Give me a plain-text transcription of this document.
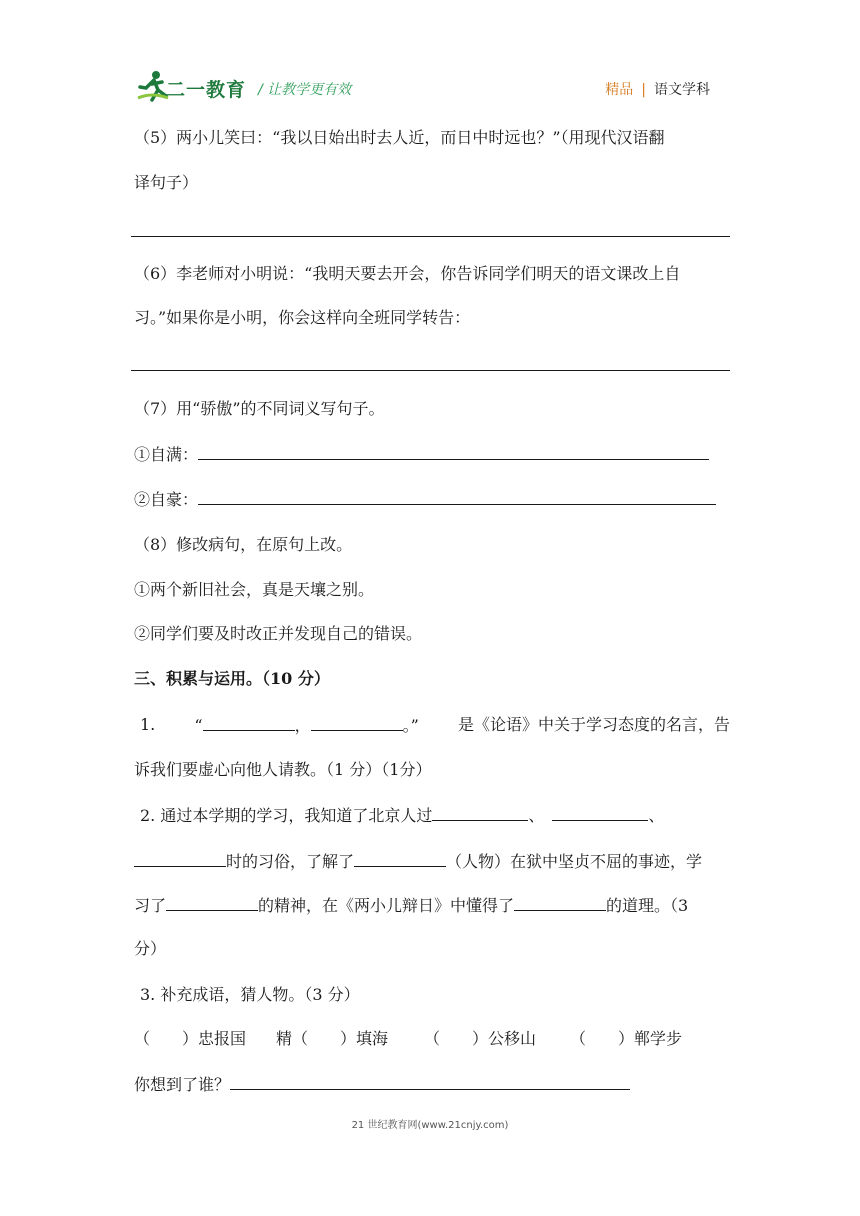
二一教育 / 让教学更有效	精品 | 语文学科
（5）两小儿笑曰：“我以日始出时去人近，而日中时远也？”（用现代汉语翻
译句子）
（6）李老师对小明说：“我明天要去开会，你告诉同学们明天的语文课改上自
习。”如果你是小明，你会这样向全班同学转告：
（7）用“骄傲”的不同词义写句子。
①自满：
②自豪：
（8）修改病句，在原句上改。
①两个新旧社会，真是天壤之别。
②同学们要及时改正并发现自己的错误。
三、积累与运用。（10 分）
1. “	，	。” 是《论语》中关于学习态度的名言，告
诉我们要虚心向他人请教。（1 分）（1分）
2. 通过本学期的学习，我知道了北京人过	、	、
时的习俗，了解了	（人物）在狱中坚贞不屈的事迹，学
习了	的精神，在《两小儿辩日》中懂得了	的道理。（3
分）
3. 补充成语，猜人物。（3 分）
（　　）忠报国 精（　　）填海 （　　）公移山 （　　）郸学步
你想到了谁？
21 世纪教育网(www.21cnjy.com)
